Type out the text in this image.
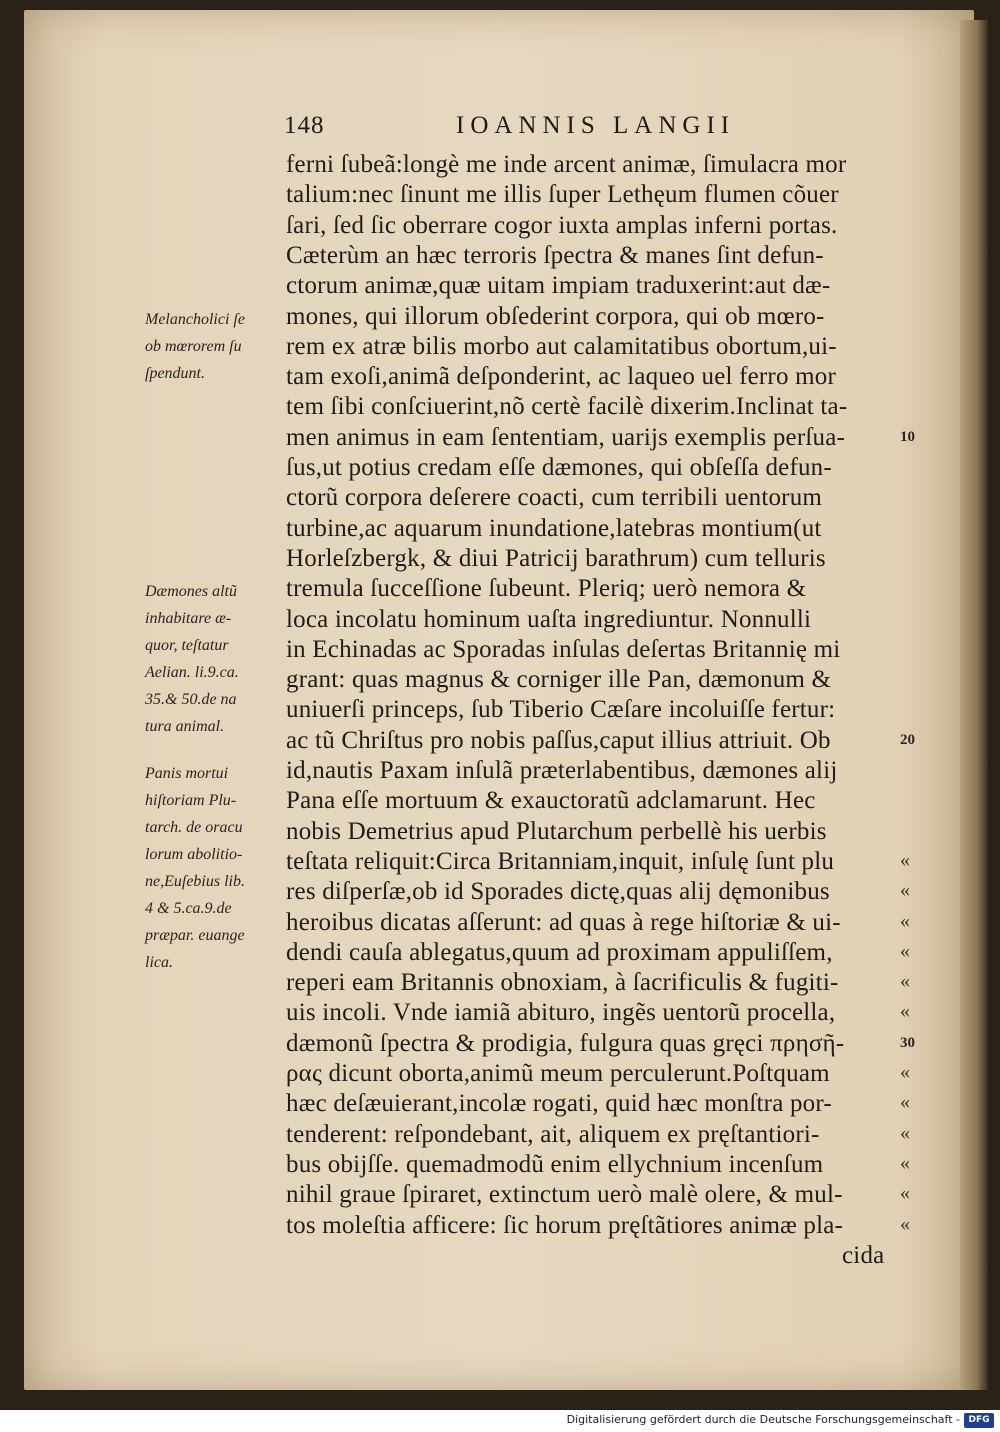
148	IOANNIS LANGII
ferni ſubeã:longè me inde arcent animæ, ſimulacra mor
talium:nec ſinunt me illis ſuper Lethęum flumen cõuer
ſari, ſed ſic oberrare cogor iuxta amplas inferni portas.
Cæterùm an hæc terroris ſpectra & manes ſint defun-
ctorum animæ,quæ uitam impiam traduxerint:aut dæ-
mones, qui illorum obſederint corpora, qui ob mœro-
rem ex atræ bilis morbo aut calamitatibus obortum,ui-
tam exoſi,animã deſponderint, ac laqueo uel ferro mor
tem ſibi conſciuerint,nõ certè facilè dixerim.Inclinat ta-
men animus in eam ſententiam, uarijs exemplis perſua-
ſus,ut potius credam eſſe dæmones, qui obſeſſa defun-
ctorũ corpora deſerere coacti, cum terribili uentorum
turbine,ac aquarum inundatione,latebras montium(ut
Horleſzbergk, & diui Patricij barathrum) cum telluris
tremula ſucceſſione ſubeunt. Pleriq; uerò nemora &
loca incolatu hominum uaſta ingrediuntur. Nonnulli
in Echinadas ac Sporadas inſulas deſertas Britannię mi
grant: quas magnus & corniger ille Pan, dæmonum &
uniuerſi princeps, ſub Tiberio Cæſare incoluiſſe fertur:
ac tũ Chriſtus pro nobis paſſus,caput illius attriuit. Ob
id,nautis Paxam inſulã præterlabentibus, dæmones alij
Pana eſſe mortuum & exauctoratũ adclamarunt. Hec
nobis Demetrius apud Plutarchum perbellè his uerbis
teſtata reliquit:Circa Britanniam,inquit, inſulę ſunt plu
res diſperſæ,ob id Sporades dictę,quas alij dęmonibus
heroibus dicatas aſſerunt: ad quas à rege hiſtoriæ & ui-
dendi cauſa ablegatus,quum ad proximam appuliſſem,
reperi eam Britannis obnoxiam, à ſacrificulis & fugiti-
uis incoli. Vnde iamiã abituro, ingẽs uentorũ procella,
dæmonũ ſpectra & prodigia, fulgura quas gręci πρησῆ-
ρας dicunt oborta,animũ meum perculerunt.Poſtquam
hæc deſæuierant,incolæ rogati, quid hæc monſtra por-
tenderent: reſpondebant, ait, aliquem ex pręſtantiori-
bus obijſſe. quemadmodũ enim ellychnium incenſum
nihil graue ſpiraret, extinctum uerò malè olere, & mul-
tos moleſtia afficere: ſic horum pręſtãtiores animæ pla-
cida
Melancholici ſe
ob mœrorem ſu
ſpendunt.
Dæmones altũ
inhabitare æ-
quor, teſtatur
Aelian. li.9.ca.
35.& 50.de na
tura animal.
Panis mortui
hiſtoriam Plu-
tarch. de oracu
lorum abolitio-
ne,Euſebius lib.
4 & 5.ca.9.de
præpar. euange
lica.
10
20
30
«
«
«
«
«
«
«
«
«
«
«
«
Digitalisierung gefördert durch die Deutsche Forschungsgemeinschaft - DFG
